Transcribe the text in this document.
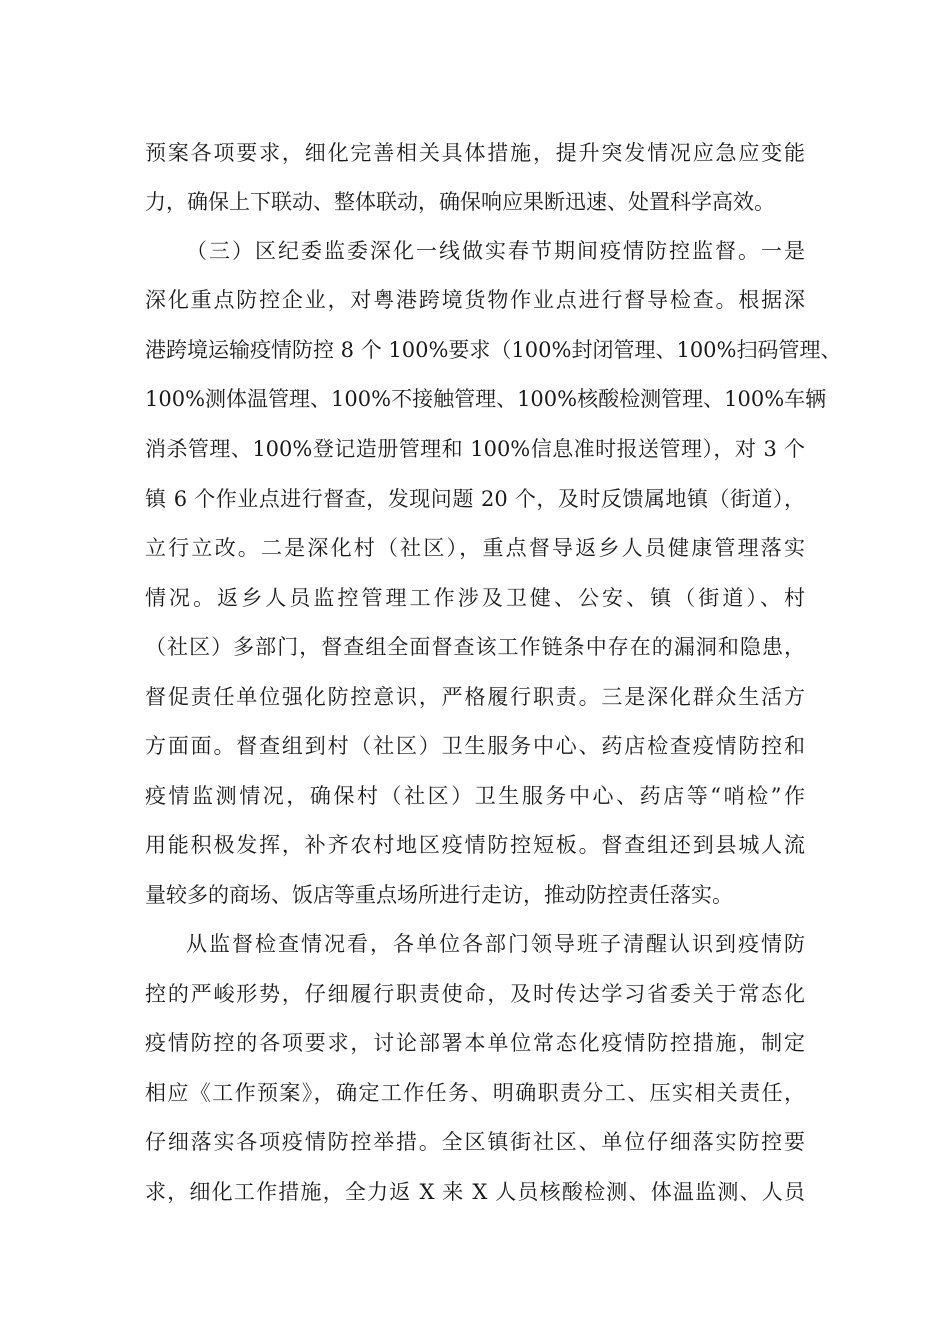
预案各项要求，细化完善相关具体措施，提升突发情况应急应变能
力，确保上下联动、整体联动，确保响应果断迅速、处置科学高效。
（三）区纪委监委深化一线做实春节期间疫情防控监督。一是
深化重点防控企业，对粤港跨境货物作业点进行督导检查。根据深
港跨境运输疫情防控 8 个 100%要求（100%封闭管理、100%扫码管理、
100%测体温管理、100%不接触管理、100%核酸检测管理、100%车辆
消杀管理、100%登记造册管理和 100%信息准时报送管理），对 3 个
镇 6 个作业点进行督查，发现问题 20 个，及时反馈属地镇（街道），
立行立改。二是深化村（社区），重点督导返乡人员健康管理落实
情况。返乡人员监控管理工作涉及卫健、公安、镇（街道）、村
（社区）多部门，督查组全面督查该工作链条中存在的漏洞和隐患，
督促责任单位强化防控意识，严格履行职责。三是深化群众生活方
方面面。督查组到村（社区）卫生服务中心、药店检查疫情防控和
疫情监测情况，确保村（社区）卫生服务中心、药店等“哨检”作
用能积极发挥，补齐农村地区疫情防控短板。督查组还到县城人流
量较多的商场、饭店等重点场所进行走访，推动防控责任落实。
从监督检查情况看，各单位各部门领导班子清醒认识到疫情防
控的严峻形势，仔细履行职责使命，及时传达学习省委关于常态化
疫情防控的各项要求，讨论部署本单位常态化疫情防控措施，制定
相应《工作预案》，确定工作任务、明确职责分工、压实相关责任，
仔细落实各项疫情防控举措。全区镇街社区、单位仔细落实防控要
求，细化工作措施，全力返 X 来 X 人员核酸检测、体温监测、人员
